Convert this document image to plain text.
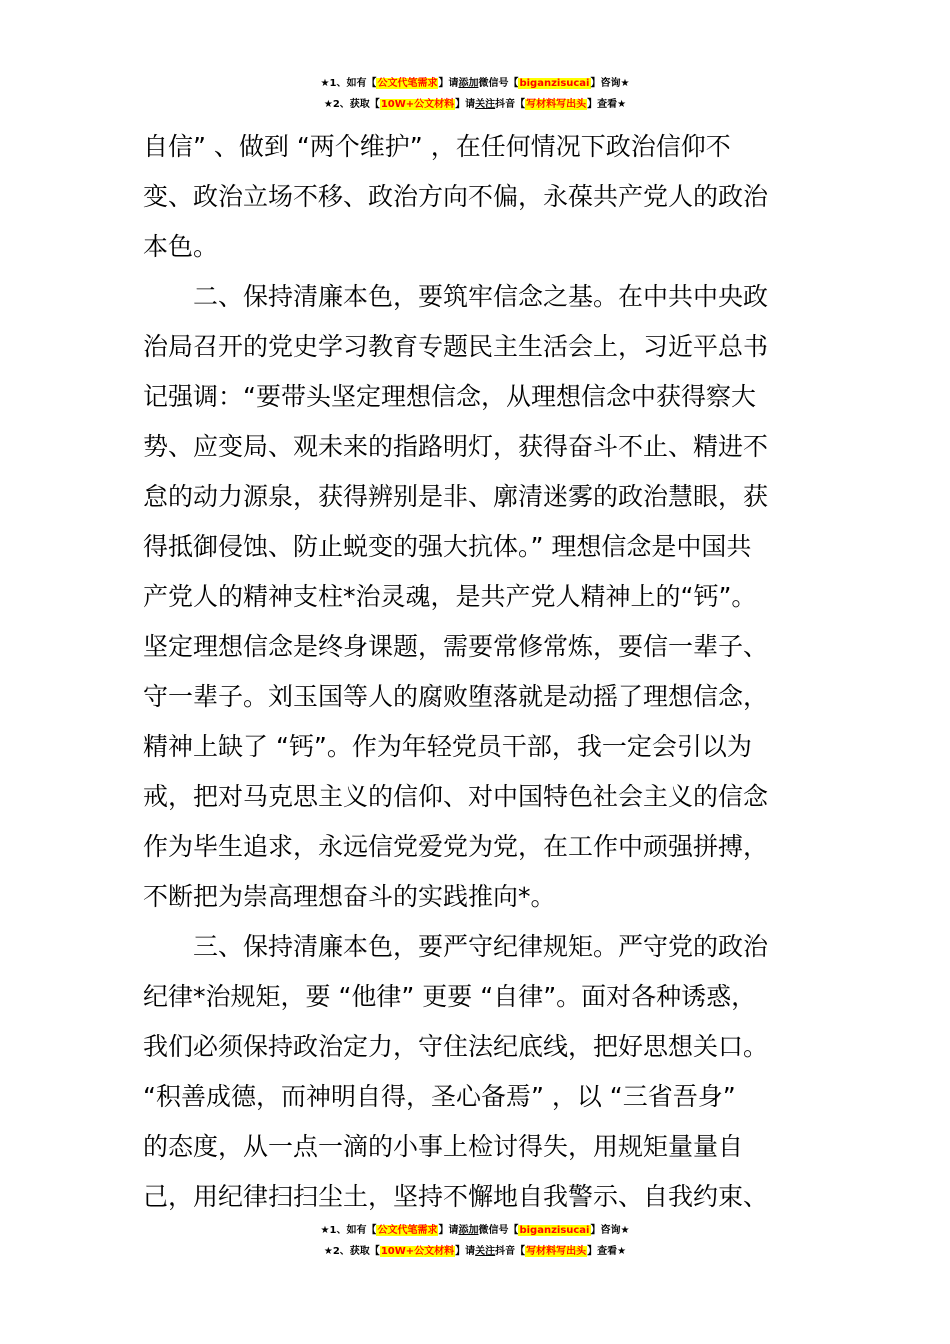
★1、如有【公文代笔需求】请添加微信号【biganzisucai】咨询★
★2、获取【10W+公文材料】请关注抖音【写材料写出头】查看★
自信” 、做到 “两个维护” ，在任何情况下政治信仰不
变、政治立场不移、政治方向不偏，永葆共产党人的政治
本色。
　　二、保持清廉本色，要筑牢信念之基。在中共中央政
治局召开的党史学习教育专题民主生活会上，习近平总书
记强调：“要带头坚定理想信念，从理想信念中获得察大
势、应变局、观未来的指路明灯，获得奋斗不止、精进不
怠的动力源泉，获得辨别是非、廓清迷雾的政治慧眼，获
得抵御侵蚀、防止蜕变的强大抗体。” 理想信念是中国共
产党人的精神支柱*治灵魂，是共产党人精神上的“钙”。
坚定理想信念是终身课题，需要常修常炼，要信一辈子、
守一辈子。刘玉国等人的腐败堕落就是动摇了理想信念，
精神上缺了 “钙”。作为年轻党员干部，我一定会引以为
戒，把对马克思主义的信仰、对中国特色社会主义的信念
作为毕生追求，永远信党爱党为党，在工作中顽强拼搏，
不断把为崇高理想奋斗的实践推向*。
　　三、保持清廉本色，要严守纪律规矩。严守党的政治
纪律*治规矩，要 “他律” 更要 “自律”。面对各种诱惑，
我们必须保持政治定力，守住法纪底线，把好思想关口。
“积善成德，而神明自得，圣心备焉” ，以 “三省吾身”
的态度，从一点一滴的小事上检讨得失，用规矩量量自
己，用纪律扫扫尘土，坚持不懈地自我警示、自我约束、
★1、如有【公文代笔需求】请添加微信号【biganzisucai】咨询★
★2、获取【10W+公文材料】请关注抖音【写材料写出头】查看★
